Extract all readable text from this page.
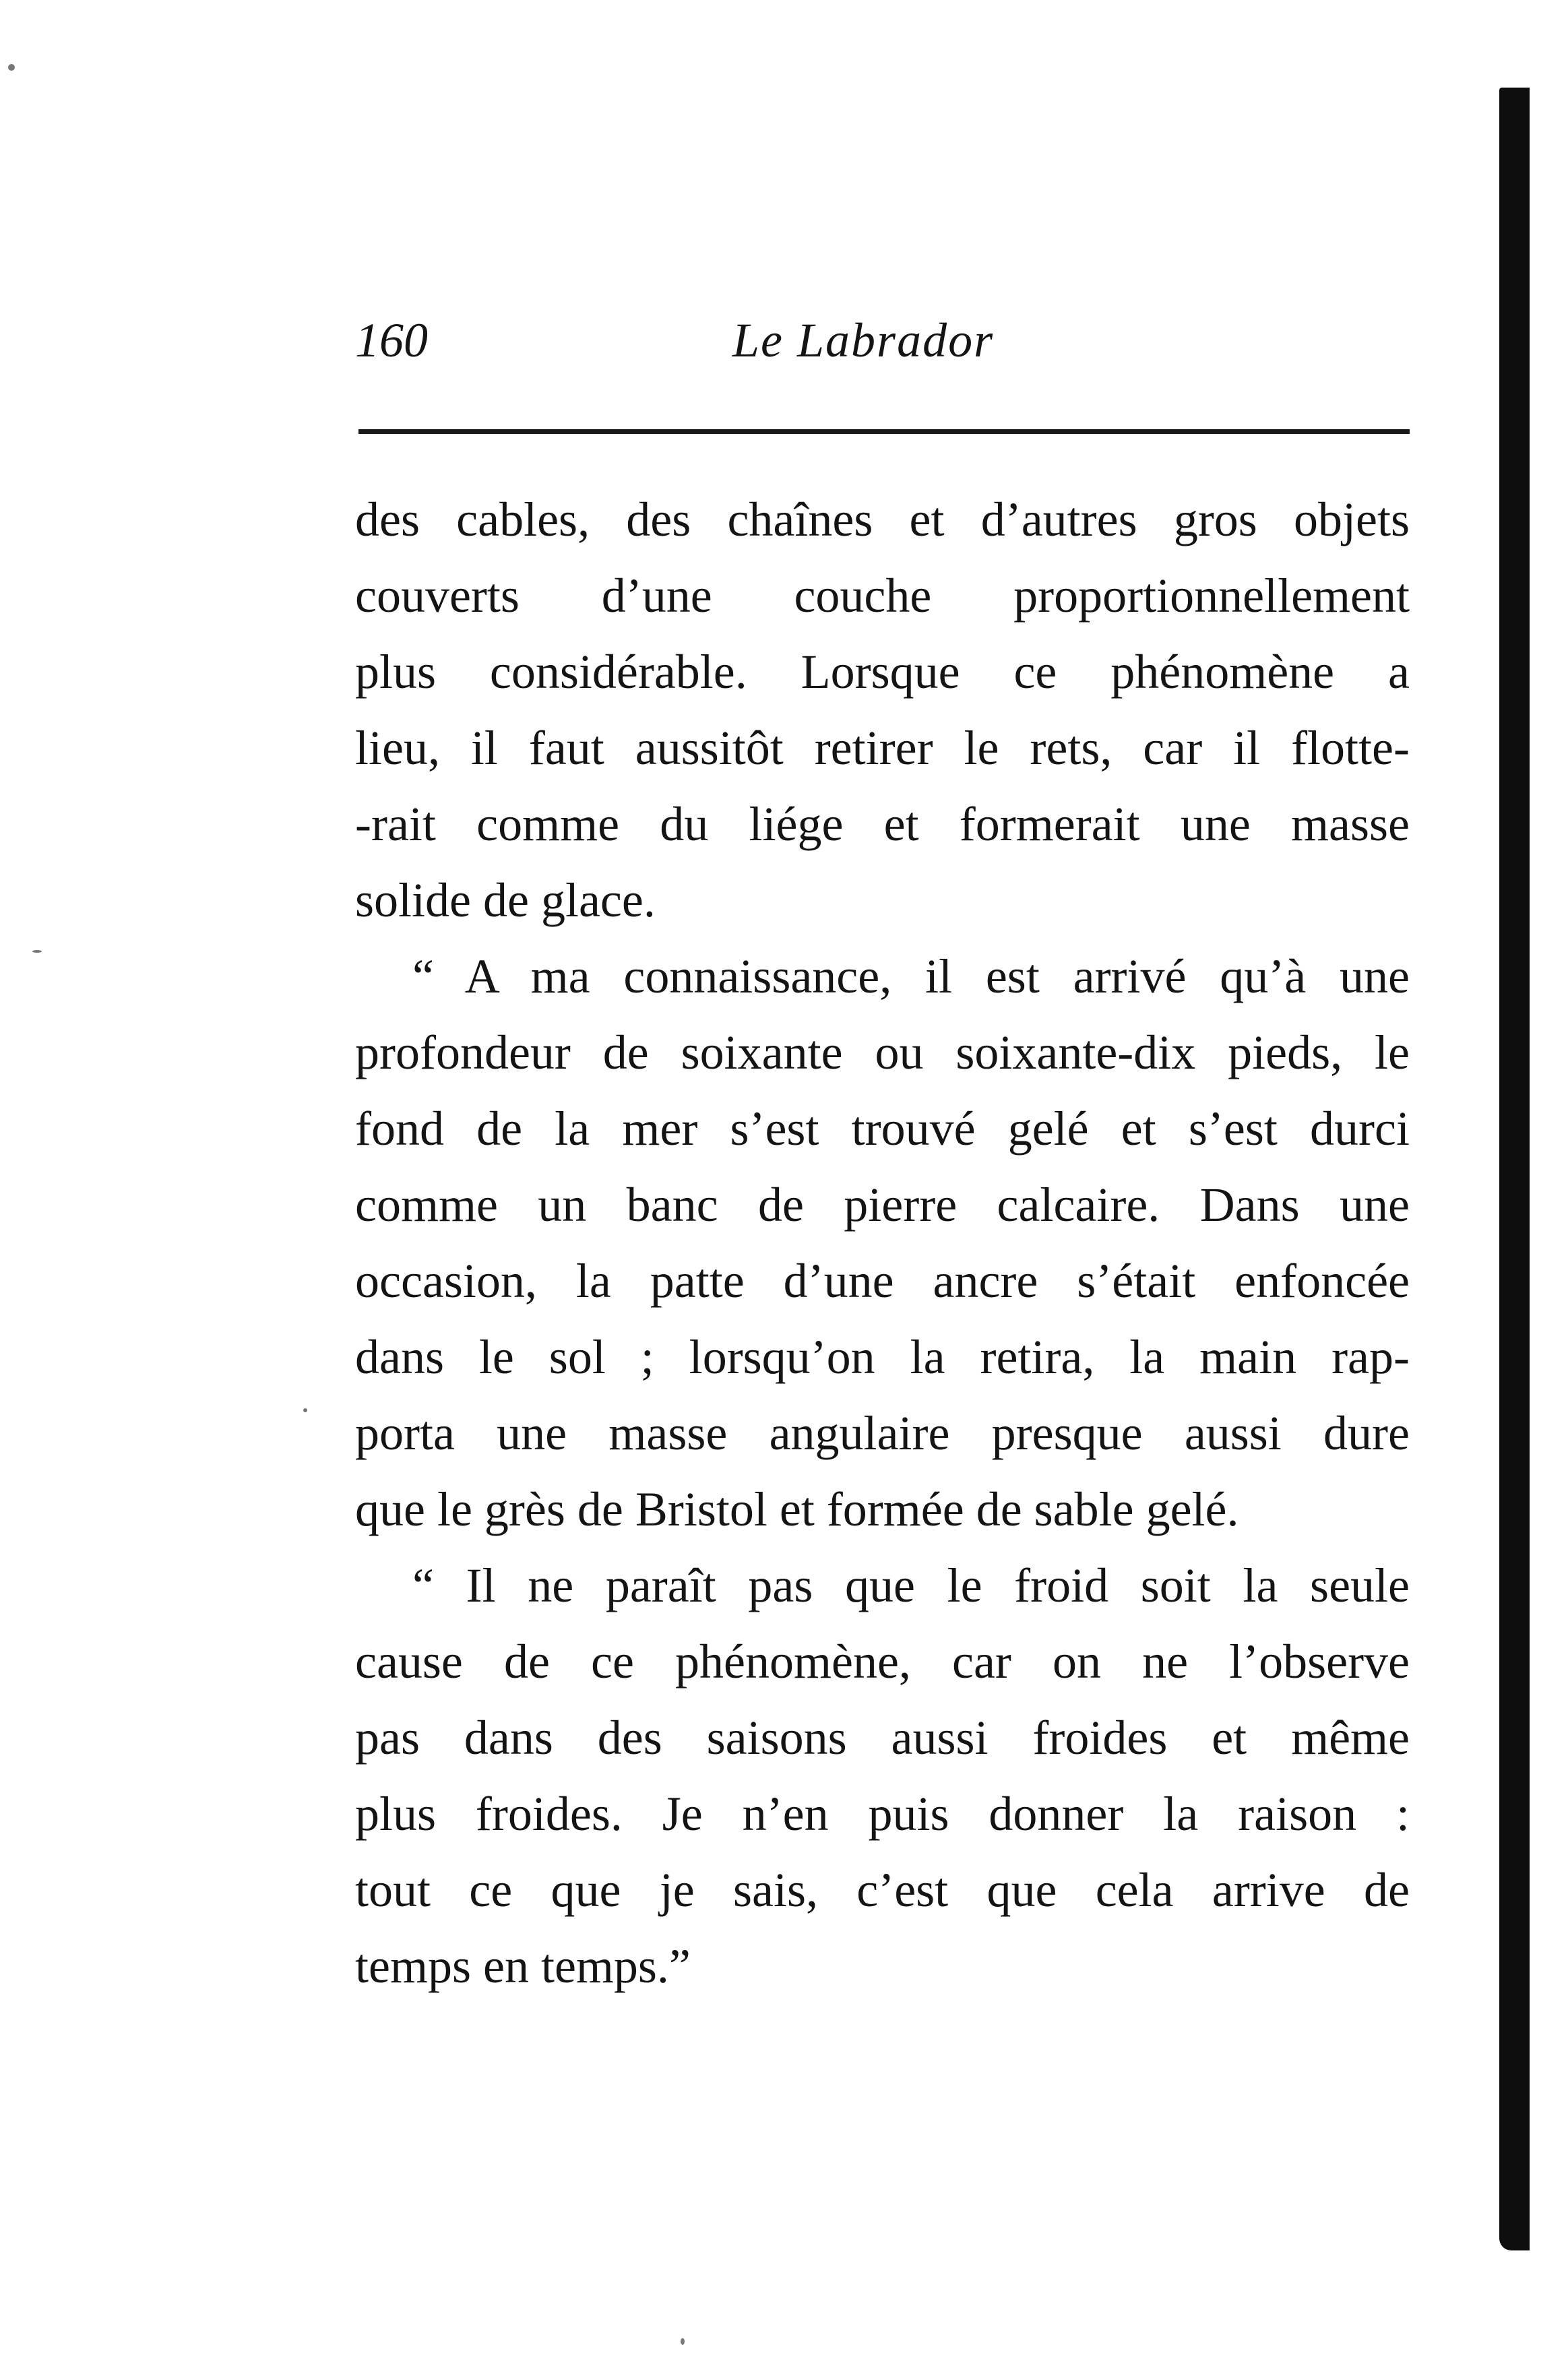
160	Le Labrador
des cables, des chaînes et d’autres gros objets
couverts d’une couche proportionnellement
plus considérable. Lorsque ce phénomène a
lieu, il faut aussitôt retirer le rets, car il flotte-
-rait comme du liége et formerait une masse
solide de glace.
“ A ma connaissance, il est arrivé qu’à une
profondeur de soixante ou soixante-dix pieds, le
fond de la mer s’est trouvé gelé et s’est durci
comme un banc de pierre calcaire. Dans une
occasion, la patte d’une ancre s’était enfoncée
dans le sol ; lorsqu’on la retira, la main rap-
porta une masse angulaire presque aussi dure
que le grès de Bristol et formée de sable gelé.
“ Il ne paraît pas que le froid soit la seule
cause de ce phénomène, car on ne l’observe
pas dans des saisons aussi froides et même
plus froides. Je n’en puis donner la raison :
tout ce que je sais, c’est que cela arrive de
temps en temps.”
